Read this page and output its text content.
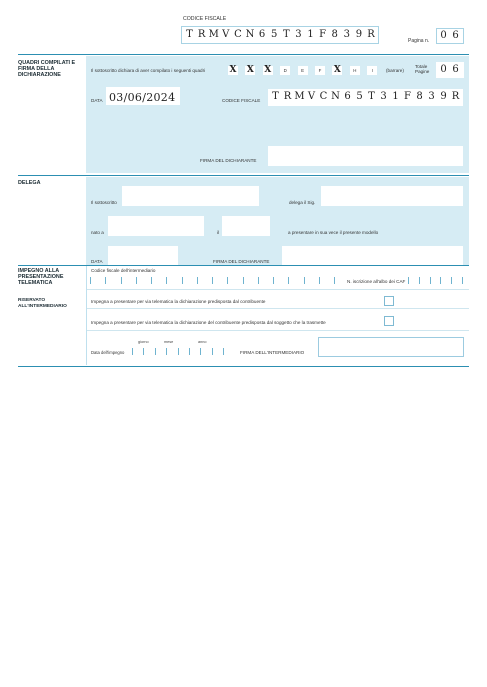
CODICE FISCALE
T R M V C N 6 5 T 3 1 F 8 3 9 R
Pagina n. 0 6
QUADRI COMPILATI E FIRMA DELLA DICHIARAZIONE
Il sottoscritto dichiara di aver compilato i seguenti quadri	X X X	D	E	F	X	H	I	(barrare)
Totale Pagine	0 6
DATA 03/06/2024	CODICE FISCALE T R M V C N 6 5 T 3 1 F 8 3 9 R
FIRMA DEL DICHIARANTE
DELEGA
Il sottoscritto	delega il Sig.
nato a	il	a presentare in sua vece il presente modello
DATA	FIRMA DEL DICHIARANTE
IMPEGNO ALLA PRESENTAZIONE TELEMATICA
RISERVATO ALL'INTERMEDIARIO
Codice fiscale dell'intermediario
N. iscrizione all'albo dei CAF
Impegna a presentare per via telematica la dichiarazione predisposta dal contribuente
Impegna a presentare per via telematica la dichiarazione del contribuente predisposta dal soggetto che la trasmette
giorno	mese	anno
Data dell'impegno	FIRMA DELL'INTERMEDIARIO
